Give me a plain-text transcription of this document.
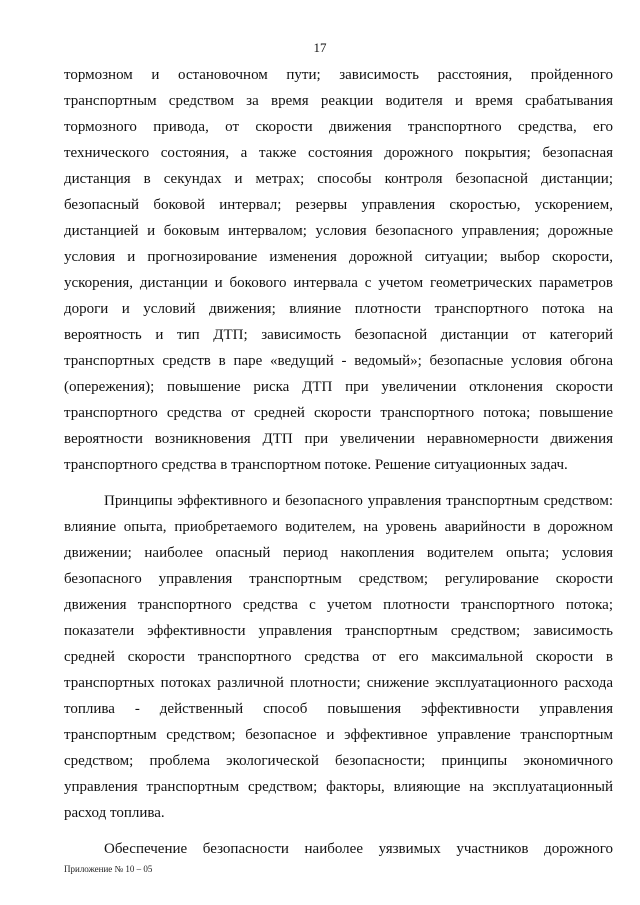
17
тормозном и остановочном пути; зависимость расстояния, пройденного
транспортным средством за время реакции водителя и время срабатывания
тормозного привода, от скорости движения транспортного средства, его
технического состояния, а также состояния дорожного покрытия; безопасная
дистанция в секундах и метрах; способы контроля безопасной дистанции;
безопасный боковой интервал; резервы управления скоростью, ускорением,
дистанцией и боковым интервалом; условия безопасного управления; дорожные
условия и прогнозирование изменения дорожной ситуации; выбор скорости,
ускорения, дистанции и бокового интервала с учетом геометрических параметров
дороги и условий движения; влияние плотности транспортного потока на
вероятность и тип ДТП; зависимость безопасной дистанции от категорий
транспортных средств в паре «ведущий - ведомый»; безопасные условия обгона
(опережения); повышение риска ДТП при увеличении отклонения скорости
транспортного средства от средней скорости транспортного потока; повышение
вероятности возникновения ДТП при увеличении неравномерности движения
транспортного средства в транспортном потоке. Решение ситуационных задач.
Принципы эффективного и безопасного управления транспортным средством:
влияние опыта, приобретаемого водителем, на уровень аварийности в дорожном
движении; наиболее опасный период накопления водителем опыта; условия
безопасного управления транспортным средством; регулирование скорости
движения транспортного средства с учетом плотности транспортного потока;
показатели эффективности управления транспортным средством; зависимость
средней скорости транспортного средства от его максимальной скорости в
транспортных потоках различной плотности; снижение эксплуатационного расхода
топлива - действенный способ повышения эффективности управления
транспортным средством; безопасное и эффективное управление транспортным
средством; проблема экологической безопасности; принципы экономичного
управления транспортным средством; факторы, влияющие на эксплуатационный
расход топлива.
Обеспечение безопасности наиболее уязвимых участников дорожного
Приложение № 10 – 05
